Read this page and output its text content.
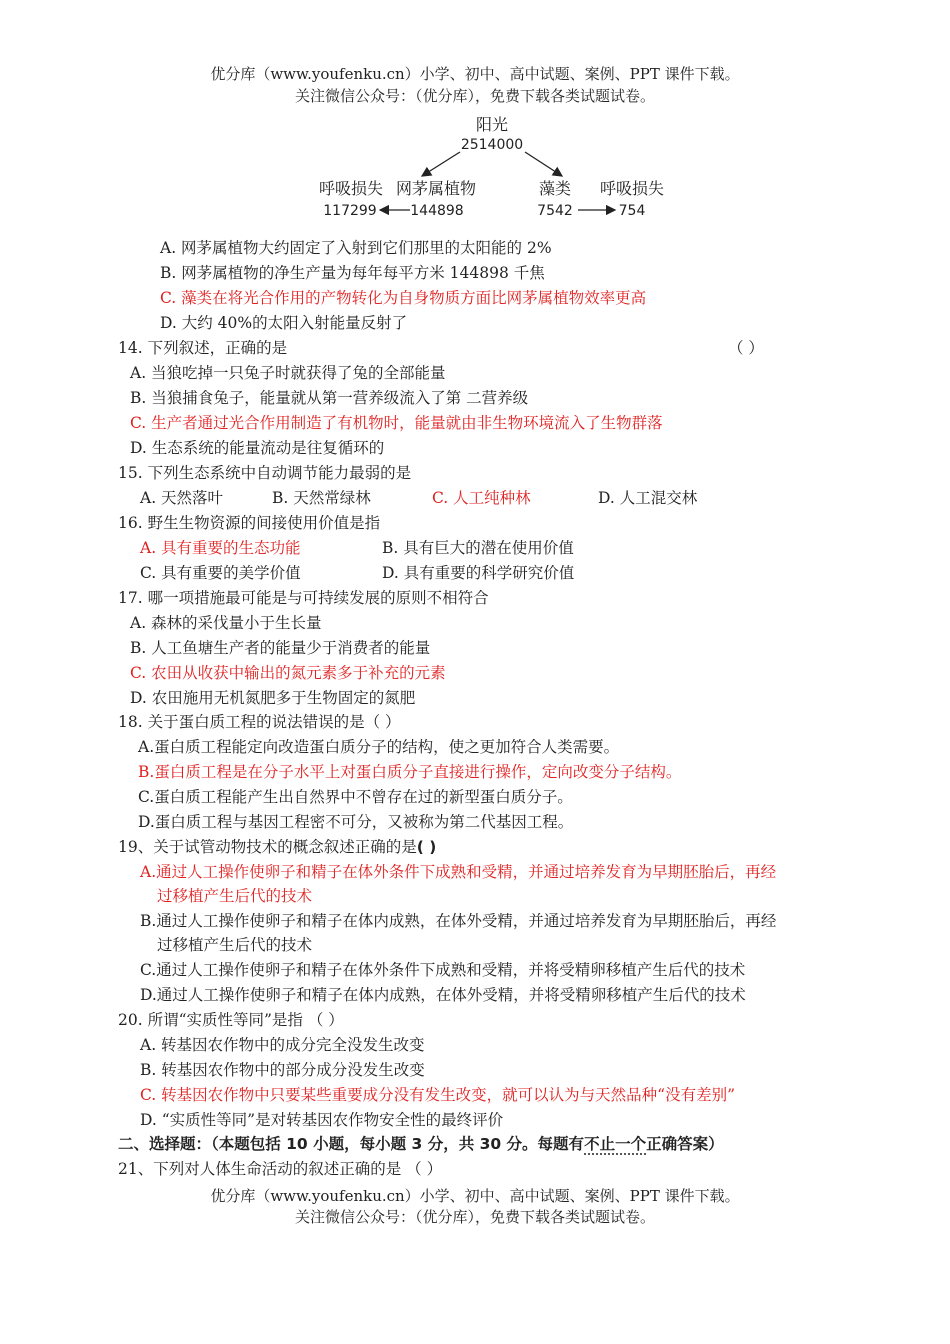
优分库（www.youfenku.cn）小学、初中、高中试题、案例、PPT 课件下载。
关注微信公众号：（优分库），免费下载各类试题试卷。
阳光
2514000
呼吸损失 网茅属植物	藻类 呼吸损失
117299 144898	7542	754
A. 网茅属植物大约固定了入射到它们那里的太阳能的 2%
B. 网茅属植物的净生产量为每年每平方米 144898 千焦
C. 藻类在将光合作用的产物转化为自身物质方面比网茅属植物效率更高
D. 大约 40%的太阳入射能量反射了
14. 下列叙述，正确的是	（ ）
A. 当狼吃掉一只兔子时就获得了兔的全部能量
B. 当狼捕食兔子，能量就从第一营养级流入了第 二营养级
C. 生产者通过光合作用制造了有机物时，能量就由非生物环境流入了生物群落
D. 生态系统的能量流动是往复循环的
15. 下列生态系统中自动调节能力最弱的是
A. 天然落叶	B. 天然常绿林	C. 人工纯种林	D. 人工混交林
16. 野生生物资源的间接使用价值是指
A. 具有重要的生态功能	B. 具有巨大的潜在使用价值
C. 具有重要的美学价值	D. 具有重要的科学研究价值
17. 哪一项措施最可能是与可持续发展的原则不相符合
A. 森林的采伐量小于生长量
B. 人工鱼塘生产者的能量少于消费者的能量
C. 农田从收获中输出的氮元素多于补充的元素
D. 农田施用无机氮肥多于生物固定的氮肥
18. 关于蛋白质工程的说法错误的是（ ）
A.蛋白质工程能定向改造蛋白质分子的结构，使之更加符合人类需要。
B.蛋白质工程是在分子水平上对蛋白质分子直接进行操作，定向改变分子结构。
C.蛋白质工程能产生出自然界中不曾存在过的新型蛋白质分子。
D.蛋白质工程与基因工程密不可分，又被称为第二代基因工程。
19、关于试管动物技术的概念叙述正确的是( )
A.通过人工操作使卵子和精子在体外条件下成熟和受精，并通过培养发育为早期胚胎后，再经
过移植产生后代的技术
B.通过人工操作使卵子和精子在体内成熟，在体外受精，并通过培养发育为早期胚胎后，再经
过移植产生后代的技术
C.通过人工操作使卵子和精子在体外条件下成熟和受精，并将受精卵移植产生后代的技术
D.通过人工操作使卵子和精子在体内成熟，在体外受精，并将受精卵移植产生后代的技术
20. 所谓“实质性等同”是指 （ ）
A. 转基因农作物中的成分完全没发生改变
B. 转基因农作物中的部分成分没发生改变
C. 转基因农作物中只要某些重要成分没有发生改变，就可以认为与天然品种“没有差别”
D. “实质性等同”是对转基因农作物安全性的最终评价
二、选择题：（本题包括 10 小题，每小题 3 分，共 30 分。每题有不止一个正确答案）
21、下列对人体生命活动的叙述正确的是 （ ）
优分库（www.youfenku.cn）小学、初中、高中试题、案例、PPT 课件下载。
关注微信公众号：（优分库），免费下载各类试题试卷。
